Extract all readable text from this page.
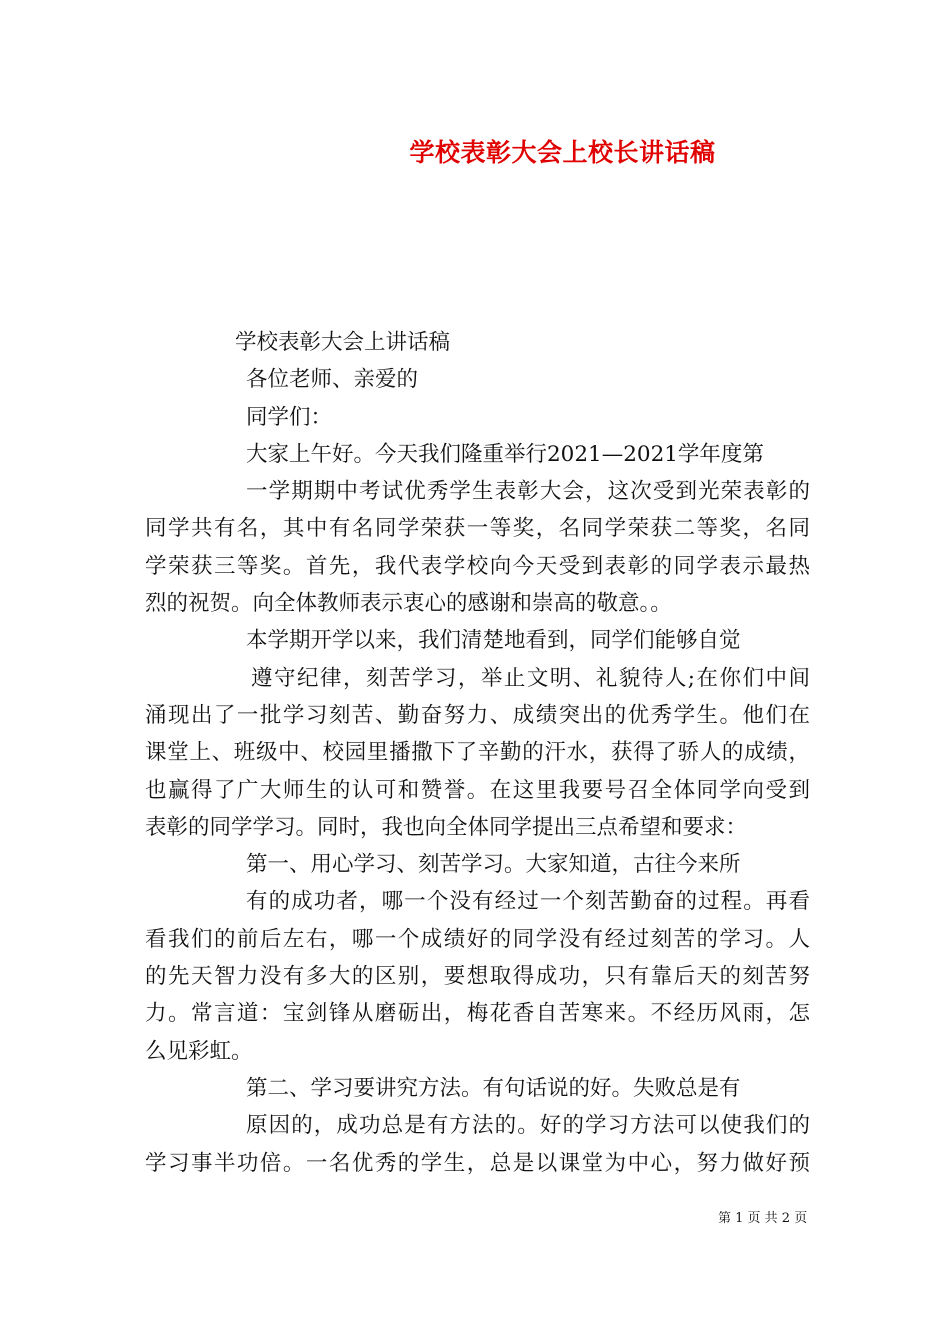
学校表彰大会上校长讲话稿
学校表彰大会上讲话稿
各位老师、亲爱的
同学们：
大家上午好。今天我们隆重举行2021—2021学年度第
一学期期中考试优秀学生表彰大会，这次受到光荣表彰的
同学共有名，其中有名同学荣获一等奖，名同学荣获二等奖，名同
学荣获三等奖。首先，我代表学校向今天受到表彰的同学表示最热
烈的祝贺。向全体教师表示衷心的感谢和崇高的敬意。。
本学期开学以来，我们清楚地看到，同学们能够自觉
遵守纪律，刻苦学习，举止文明、礼貌待人;在你们中间
涌现出了一批学习刻苦、勤奋努力、成绩突出的优秀学生。他们在
课堂上、班级中、校园里播撒下了辛勤的汗水，获得了骄人的成绩，
也赢得了广大师生的认可和赞誉。在这里我要号召全体同学向受到
表彰的同学学习。同时，我也向全体同学提出三点希望和要求：
第一、用心学习、刻苦学习。大家知道，古往今来所
有的成功者，哪一个没有经过一个刻苦勤奋的过程。再看
看我们的前后左右，哪一个成绩好的同学没有经过刻苦的学习。人
的先天智力没有多大的区别，要想取得成功，只有靠后天的刻苦努
力。常言道：宝剑锋从磨砺出，梅花香自苦寒来。不经历风雨，怎
么见彩虹。
第二、学习要讲究方法。有句话说的好。失败总是有
原因的，成功总是有方法的。好的学习方法可以使我们的
学习事半功倍。一名优秀的学生，总是以课堂为中心，努力做好预
第 1 页 共 2 页
